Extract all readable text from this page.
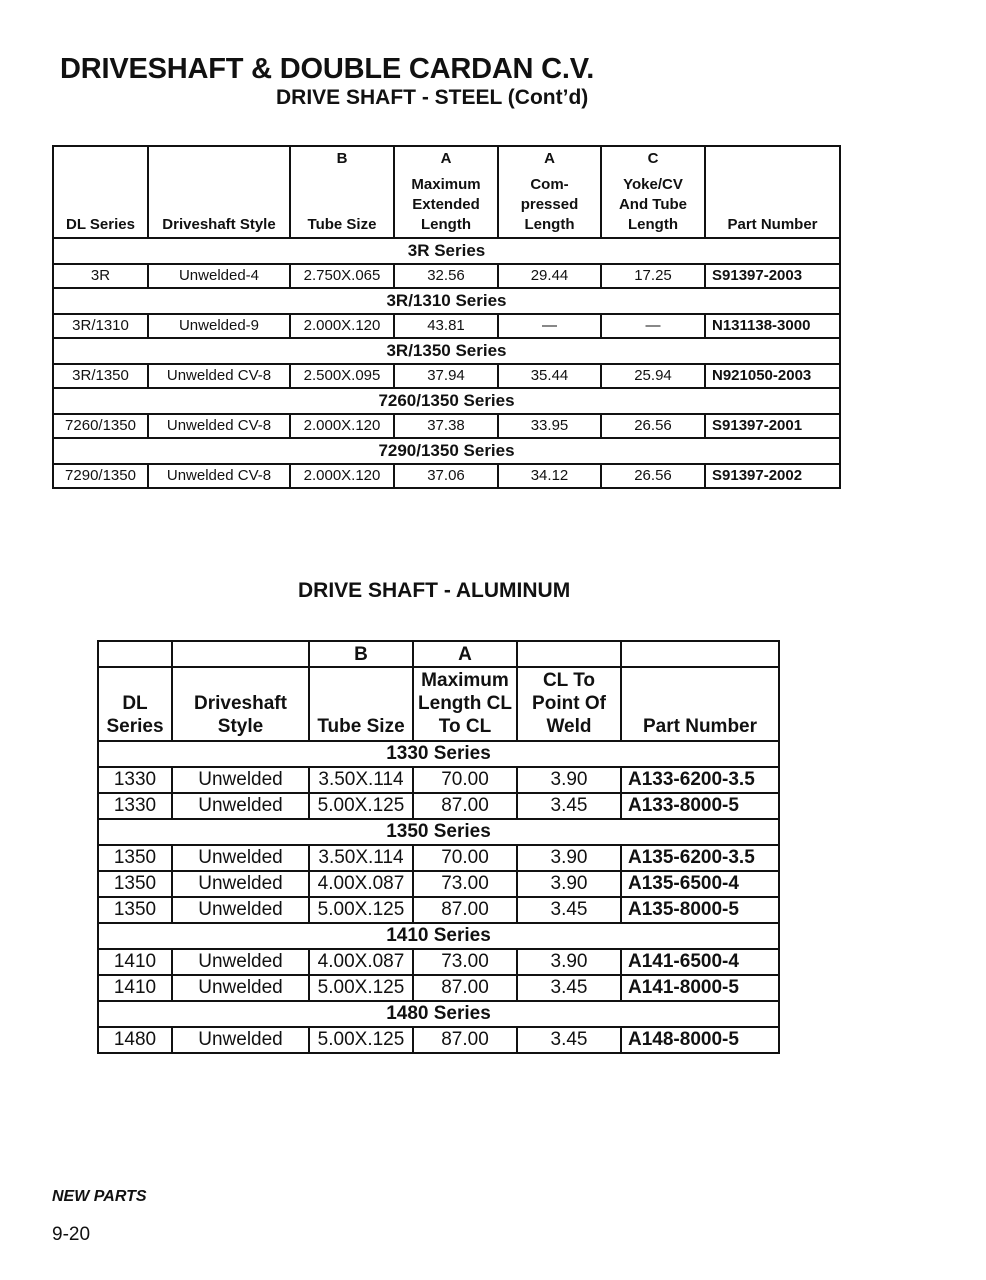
DRIVESHAFT & DOUBLE CARDAN C.V.
DRIVE SHAFT - STEEL (Cont’d)
		B	A	A	C	
DL Series	Driveshaft Style	Tube Size	Maximum Extended Length	Com- pressed Length	Yoke/CV And Tube Length	Part Number
3R Series						
3R	Unwelded-4	2.750X.065	32.56	29.44	17.25	S91397-2003
3R/1310 Series						
3R/1310	Unwelded-9	2.000X.120	43.81	—	—	N131138-3000
3R/1350 Series						
3R/1350	Unwelded CV-8	2.500X.095	37.94	35.44	25.94	N921050-2003
7260/1350 Series						
7260/1350	Unwelded CV-8	2.000X.120	37.38	33.95	26.56	S91397-2001
7290/1350 Series						
7290/1350	Unwelded CV-8	2.000X.120	37.06	34.12	26.56	S91397-2002
DRIVE SHAFT - ALUMINUM
		B	A		
DL Series	Driveshaft Style	Tube Size	Maximum Length CL To CL	CL To Point Of Weld	Part Number
1330 Series					
1330	Unwelded	3.50X.114	70.00	3.90	A133-6200-3.5
1330	Unwelded	5.00X.125	87.00	3.45	A133-8000-5
1350 Series					
1350	Unwelded	3.50X.114	70.00	3.90	A135-6200-3.5
1350	Unwelded	4.00X.087	73.00	3.90	A135-6500-4
1350	Unwelded	5.00X.125	87.00	3.45	A135-8000-5
1410 Series					
1410	Unwelded	4.00X.087	73.00	3.90	A141-6500-4
1410	Unwelded	5.00X.125	87.00	3.45	A141-8000-5
1480 Series					
1480	Unwelded	5.00X.125	87.00	3.45	A148-8000-5
NEW PARTS
9-20
